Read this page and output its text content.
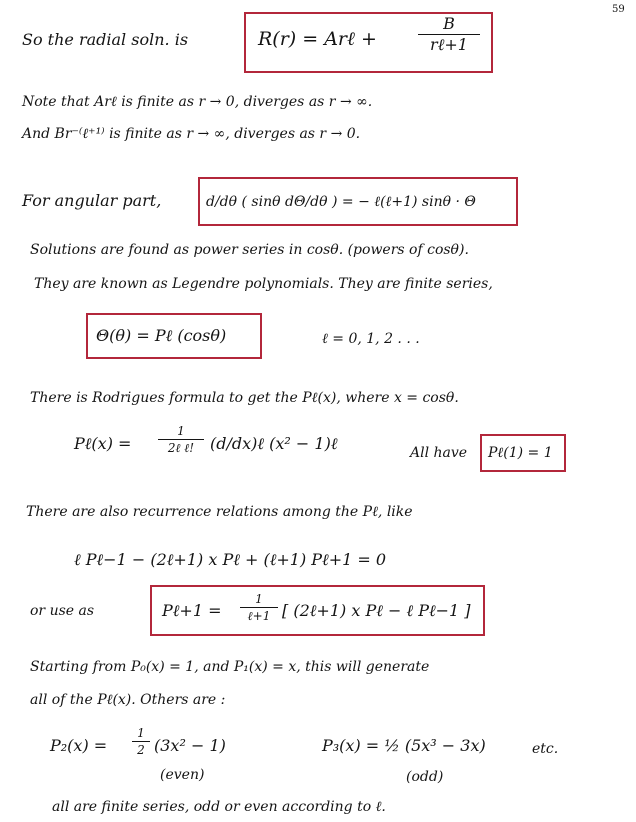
59
So the radial soln. is	R(r) = Arℓ +
B
rℓ+1
Note that Arℓ is finite as r → 0, diverges as r → ∞.
And Br⁻⁽ℓ⁺¹⁾ is finite as r → ∞, diverges as r → 0.
For angular part,	d/dθ ( sinθ dΘ/dθ ) = − ℓ(ℓ+1) sinθ · Θ
Solutions are found as power series in cosθ. (powers of cosθ).
They are known as Legendre polynomials. They are finite series,
Θ(θ) = Pℓ (cosθ)	ℓ = 0, 1, 2 . . .
There is Rodrigues formula to get the Pℓ(x), where x = cosθ.
Pℓ(x) =
1
2ℓ ℓ! (d/dx)ℓ (x² − 1)ℓ	All have Pℓ(1) = 1
There are also recurrence relations among the Pℓ, like
ℓ Pℓ−1 − (2ℓ+1) x Pℓ + (ℓ+1) Pℓ+1 = 0
or use as	Pℓ+1 =
1
ℓ+1 [ (2ℓ+1) x Pℓ − ℓ Pℓ−1 ]
Starting from P₀(x) = 1, and P₁(x) = x, this will generate
all of the Pℓ(x). Others are :
P₂(x) =
1
2 (3x² − 1)
(even)
P₃(x) = ½ (5x³ − 3x)	etc.
(odd)
all are finite series, odd or even according to ℓ.
